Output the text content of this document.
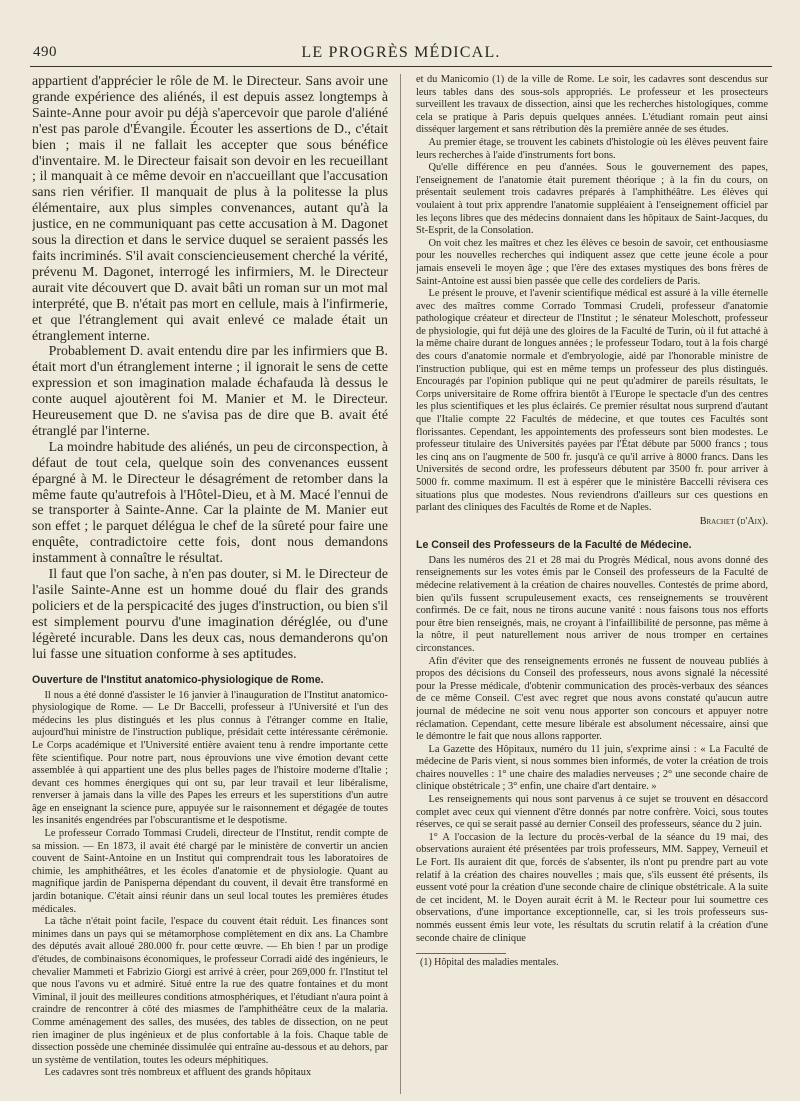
490	LE PROGRÈS MÉDICAL.

appartient d'apprécier le rôle de M. le Directeur. Sans avoir une grande expérience des aliénés, il est depuis assez longtemps à Sainte-Anne pour avoir pu déjà s'apercevoir que parole d'aliéné n'est pas parole d'Évangile. Écouter les assertions de D., c'était bien ; mais il ne fallait les accepter que sous bénéfice d'inventaire. M. le Directeur faisait son devoir en les recueillant ; il manquait à ce même devoir en n'accueillant que l'accusation sans rien vérifier. Il manquait de plus à la politesse la plus élémentaire, aux plus simples convenances, autant qu'à la justice, en ne communiquant pas cette accusation à M. Dagonet sous la direction et dans le service duquel se seraient passés les faits incriminés. S'il avait consciencieusement cherché la vérité, prévenu M. Dagonet, interrogé les infirmiers, M. le Directeur aurait vite découvert que D. avait bâti un roman sur un mot mal interprété, que B. n'était pas mort en cellule, mais à l'infirmerie, et que l'étranglement qui avait enlevé ce malade était un étranglement interne.

Probablement D. avait entendu dire par les infirmiers que B. était mort d'un étranglement interne ; il ignorait le sens de cette expression et son imagination malade échafauda là dessus le conte auquel ajoutèrent foi M. Manier et M. le Directeur. Heureusement que D. ne s'avisa pas de dire que B. avait été étranglé par l'interne.

La moindre habitude des aliénés, un peu de circonspection, à défaut de tout cela, quelque soin des convenances eussent épargné à M. le Directeur le désagrément de retomber dans la même faute qu'autrefois à l'Hôtel-Dieu, et à M. Macé l'ennui de se transporter à Sainte-Anne. Car la plainte de M. Manier eut son effet ; le parquet délégua le chef de la sûreté pour faire une enquête, contradictoire cette fois, dont nous demandons instamment à connaître le résultat.

Il faut que l'on sache, à n'en pas douter, si M. le Directeur de l'asile Sainte-Anne est un homme doué du flair des grands policiers et de la perspicacité des juges d'instruction, ou bien s'il est simplement pourvu d'une imagination déréglée, ou d'une légèreté incurable. Dans les deux cas, nous demanderons qu'on lui fasse une situation conforme à ses aptitudes.

Ouverture de l'Institut anatomico-physiologique de Rome.

Il nous a été donné d'assister le 16 janvier à l'inauguration de l'Institut anatomico-physiologique de Rome. — Le Dr Baccelli, professeur à l'Université et l'un des médecins les plus distingués et les plus connus à l'étranger comme en Italie, aujourd'hui ministre de l'instruction publique, présidait cette intéressante cérémonie. Le Corps académique et l'Université entière avaient tenu à rendre importante cette fête scientifique. Pour notre part, nous éprouvions une vive émotion devant cette assemblée à qui appartient une des plus belles pages de l'histoire moderne d'Italie ; devant ces hommes énergiques qui ont su, par leur travail et leur libéralisme, renverser à jamais dans la ville des Papes les erreurs et les superstitions d'un autre âge en enseignant la science pure, appuyée sur le raisonnement et dégagée de toutes les insanités engendrées par l'obscurantisme et le despotisme.

Le professeur Corrado Tommasi Crudeli, directeur de l'Institut, rendit compte de sa mission. — En 1873, il avait été chargé par le ministère de convertir un ancien couvent de Saint-Antoine en un Institut qui comprendrait tous les laboratoires de chimie, les amphithéâtres, et les écoles d'anatomie et de physiologie. Quant au magnifique jardin de Panisperna dépendant du couvent, il devait être transformé en jardin botanique. C'était ainsi réunir dans un seul local toutes les premières études médicales.

La tâche n'était point facile, l'espace du couvent était réduit. Les finances sont minimes dans un pays qui se métamorphose complètement en dix ans. La Chambre des députés avait alloué 280.000 fr. pour cette œuvre. — Eh bien ! par un prodige d'études, de combinaisons économiques, le professeur Corradi aidé des ingénieurs, le chevalier Mammeti et Fabrizio Giorgi est arrivé à créer, pour 269,000 fr. l'Institut tel que nous l'avons vu et admiré. Situé entre la rue des quatre fontaines et du mont Viminal, il jouit des meilleures conditions atmosphériques, et l'étudiant n'aura point à craindre de rencontrer à côté des miasmes de l'amphithéâtre ceux de la malaria. Comme aménagement des salles, des musées, des tables de dissection, on ne peut rien imaginer de plus ingénieux et de plus confortable à la fois. Chaque table de dissection possède une cheminée dissimulée qui entraîne au-dessous et au dehors, par un système de ventilation, toutes les odeurs méphitiques.

Les cadavres sont très nombreux et affluent des grands hôpitaux

et du Manicomio (1) de la ville de Rome. Le soir, les cadavres sont descendus sur leurs tables dans des sous-sols appropriés. Le professeur et les prosecteurs surveillent les travaux de dissection, ainsi que les recherches histologiques, comme cela se pratique à Paris depuis quelques années. L'étudiant romain peut ainsi disséquer largement et sans rétribution dès la première année de ses études.

Au premier étage, se trouvent les cabinets d'histologie où les élèves peuvent faire leurs recherches à l'aide d'instruments fort bons.

Qu'elle différence en peu d'années. Sous le gouvernement des papes, l'enseignement de l'anatomie était purement théorique ; à la fin du cours, on présentait seulement trois cadavres préparés à l'amphithéâtre. Les élèves qui voulaient à tout prix apprendre l'anatomie suppléaient à l'enseignement officiel par les leçons libres que des médecins donnaient dans les hôpitaux de Saint-Jacques, du St-Esprit, de la Consolation.

On voit chez les maîtres et chez les élèves ce besoin de savoir, cet enthousiasme pour les nouvelles recherches qui indiquent assez que cette jeune école a pour jamais enseveli le moyen âge ; que l'ère des extases mystiques des bons frères de Saint-Antoine est aussi bien passée que celle des cordeliers de Paris.

Le présent le prouve, et l'avenir scientifique médical est assuré à la ville éternelle avec des maîtres comme Corrado Tommasi Crudeli, professeur d'anatomie pathologique créateur et directeur de l'Institut ; le sénateur Moleschott, professeur de physiologie, qui fut déjà une des gloires de la Faculté de Turin, où il fut attaché à la même chaire durant de longues années ; le professeur Todaro, tout à la fois chargé des cours d'anatomie normale et d'embryologie, aidé par l'honorable ministre de l'instruction publique, qui est en même temps un professeur des plus distingués. Encouragés par l'opinion publique qui ne peut qu'admirer de pareils résultats, le Corps universitaire de Rome offrira bientôt à l'Europe le spectacle d'un des centres les plus scientifiques et les plus éclairés. Ce premier résultat nous surprend d'autant que l'Italie compte 22 Facultés de médecine, et que toutes ces Facultés sont florissantes. Cependant, les appointements des professeurs sont bien modestes. Le professeur titulaire des Universités payées par l'État débute par 5000 francs ; tous les cinq ans on l'augmente de 500 fr. jusqu'à ce qu'il arrive à 8000 francs. Dans les Universités de second ordre, les professeurs débutent par 3500 fr. pour arriver à 5000 fr. comme maximum. Il est à espérer que le ministère Baccelli révisera ces situations plus que modestes. Nous reviendrons d'ailleurs sur ces questions en parlant des cliniques des Facultés de Rome et de Naples.

Brachet (d'Aix).

Le Conseil des Professeurs de la Faculté de Médecine.

Dans les numéros des 21 et 28 mai du Progrès Médical, nous avons donné des renseignements sur les votes émis par le Conseil des professeurs de la Faculté de médecine relativement à la création de chaires nouvelles. Contestés de prime abord, bien qu'ils fussent scrupuleusement exacts, ces renseignements se trouvèrent confirmés. De ce fait, nous ne tirons aucune vanité : nous faisons tous nos efforts pour être bien renseignés, mais, ne croyant à l'infaillibilité de personne, pas même à la nôtre, il peut naturellement nous arriver de nous tromper en certaines circonstances.

Afin d'éviter que des renseignements erronés ne fussent de nouveau publiés à propos des décisions du Conseil des professeurs, nous avons signalé la nécessité pour la Presse médicale, d'obtenir communication des procès-verbaux des séances de ce même Conseil. C'est avec regret que nous avons constaté qu'aucun autre journal de médecine ne soit venu nous apporter son concours et appuyer notre réclamation. Cependant, cette mesure libérale est absolument nécessaire, ainsi que le démontre le fait que nous allons rapporter.

La Gazette des Hôpitaux, numéro du 11 juin, s'exprime ainsi : « La Faculté de médecine de Paris vient, si nous sommes bien informés, de voter la création de trois chaires nouvelles : 1° une chaire des maladies nerveuses ; 2° une seconde chaire de clinique obstétricale ; 3° enfin, une chaire d'art dentaire. »

Les renseignements qui nous sont parvenus à ce sujet se trouvent en désaccord complet avec ceux qui viennent d'être donnés par notre confrère. Voici, sous toutes réserves, ce qui se serait passé au dernier Conseil des professeurs, séance du 2 juin.

1° A l'occasion de la lecture du procès-verbal de la séance du 19 mai, des observations auraient été présentées par trois professeurs, MM. Sappey, Verneuil et Le Fort. Ils auraient dit que, forcés de s'absenter, ils n'ont pu prendre part au vote relatif à la création des chaires nouvelles ; mais que, s'ils eussent été présents, ils eussent voté pour la création d'une seconde chaire de clinique obstétricale. A la suite de cet incident, M. le Doyen aurait écrit à M. le Recteur pour lui soumettre ces observations, d'une importance exceptionnelle, car, si les trois professeurs sus-nommés eussent émis leur vote, les résultats du scrutin relatif à la création d'une seconde chaire de clinique

(1) Hôpital des maladies mentales.
